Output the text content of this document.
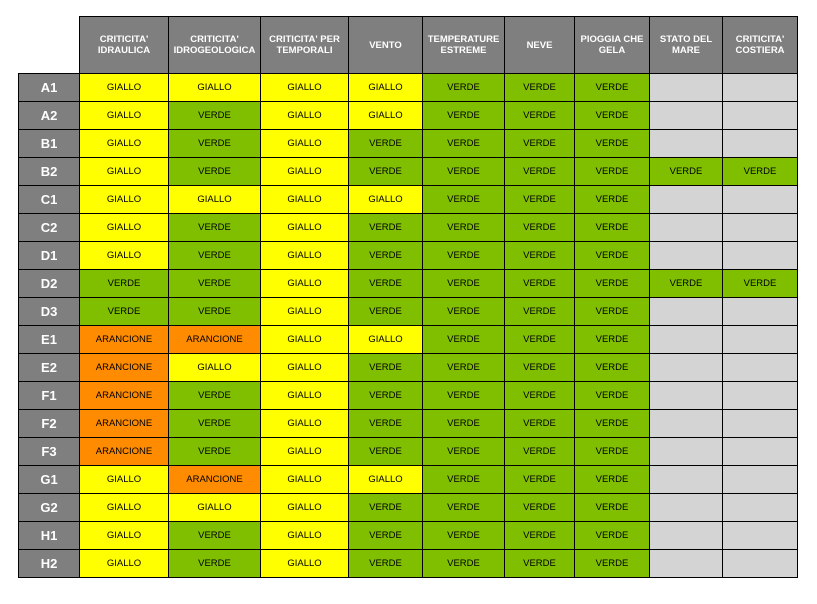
	CRITICITA' IDRAULICA	CRITICITA' IDROGEOLOGICA	CRITICITA' PER TEMPORALI	VENTO	TEMPERATURE ESTREME	NEVE	PIOGGIA CHE GELA	STATO DEL MARE	CRITICITA' COSTIERA
A1	GIALLO	GIALLO	GIALLO	GIALLO	VERDE	VERDE	VERDE		
A2	GIALLO	VERDE	GIALLO	GIALLO	VERDE	VERDE	VERDE		
B1	GIALLO	VERDE	GIALLO	VERDE	VERDE	VERDE	VERDE		
B2	GIALLO	VERDE	GIALLO	VERDE	VERDE	VERDE	VERDE	VERDE	VERDE
C1	GIALLO	GIALLO	GIALLO	GIALLO	VERDE	VERDE	VERDE		
C2	GIALLO	VERDE	GIALLO	VERDE	VERDE	VERDE	VERDE		
D1	GIALLO	VERDE	GIALLO	VERDE	VERDE	VERDE	VERDE		
D2	VERDE	VERDE	GIALLO	VERDE	VERDE	VERDE	VERDE	VERDE	VERDE
D3	VERDE	VERDE	GIALLO	VERDE	VERDE	VERDE	VERDE		
E1	ARANCIONE	ARANCIONE	GIALLO	GIALLO	VERDE	VERDE	VERDE		
E2	ARANCIONE	GIALLO	GIALLO	VERDE	VERDE	VERDE	VERDE		
F1	ARANCIONE	VERDE	GIALLO	VERDE	VERDE	VERDE	VERDE		
F2	ARANCIONE	VERDE	GIALLO	VERDE	VERDE	VERDE	VERDE		
F3	ARANCIONE	VERDE	GIALLO	VERDE	VERDE	VERDE	VERDE		
G1	GIALLO	ARANCIONE	GIALLO	GIALLO	VERDE	VERDE	VERDE		
G2	GIALLO	GIALLO	GIALLO	VERDE	VERDE	VERDE	VERDE		
H1	GIALLO	VERDE	GIALLO	VERDE	VERDE	VERDE	VERDE		
H2	GIALLO	VERDE	GIALLO	VERDE	VERDE	VERDE	VERDE		
